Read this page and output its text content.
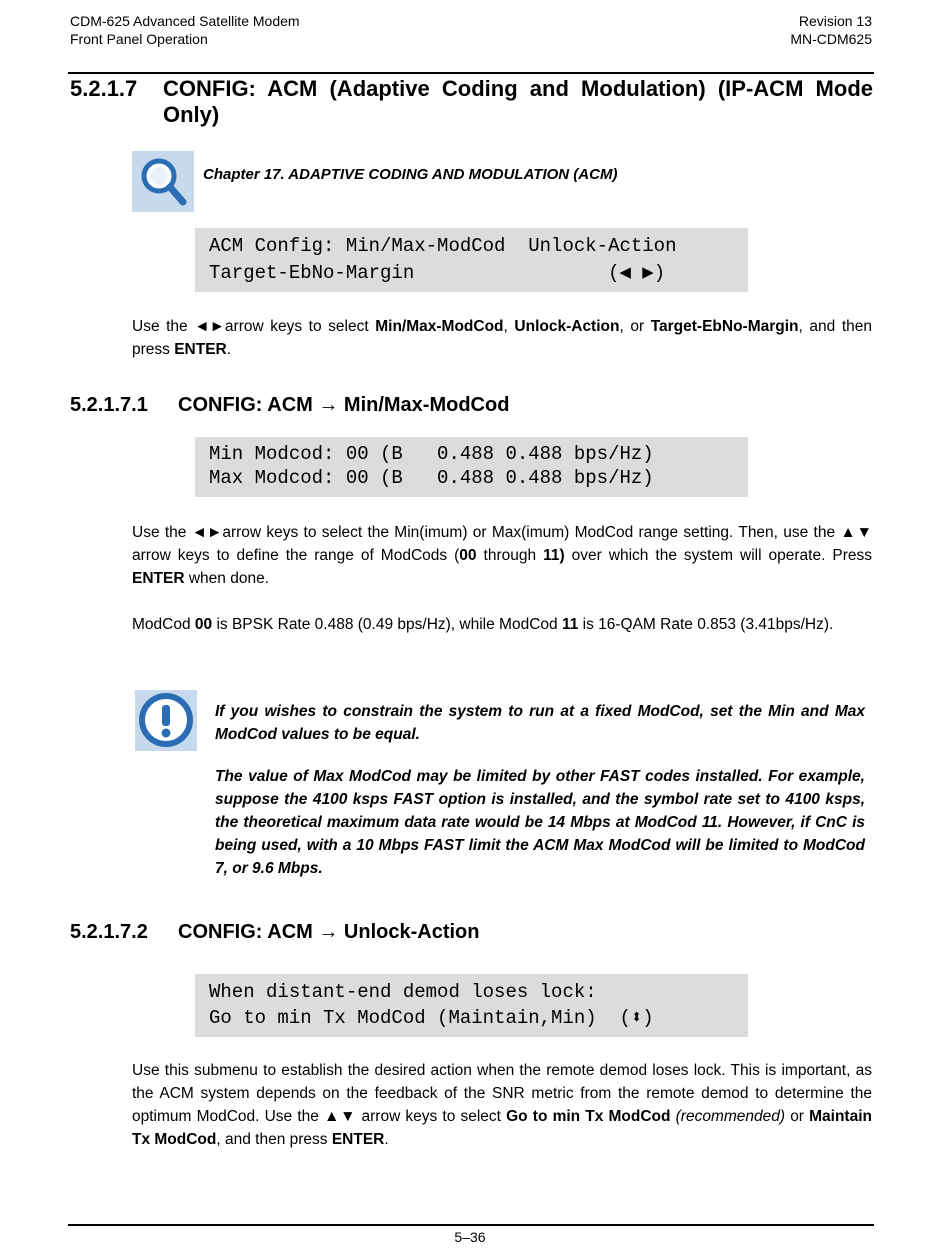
CDM-625 Advanced Satellite Modem
Front Panel Operation
Revision 13
MN-CDM625
5.2.1.7 CONFIG: ACM (Adaptive Coding and Modulation) (IP-ACM Mode
Only)
Chapter 17. ADAPTIVE CODING AND MODULATION (ACM)
ACM Config: Min/Max-ModCod  Unlock-Action
Target-EbNo-Margin                 (◀ ▶)
Use the ◄►arrow keys to select Min/Max-ModCod, Unlock-Action, or Target-EbNo-Margin, and then press ENTER.

5.2.1.7.1

CONFIG: ACM → Min/Max-ModCod

Min Modcod: 00 (B   0.488 0.488 bps/Hz)
Max Modcod: 00 (B   0.488 0.488 bps/Hz)
Use the ◄►arrow keys to select the Min(imum) or Max(imum) ModCod range setting. Then, use the ▲▼ arrow keys to define the range of ModCods (00 through 11) over which the system will operate. Press ENTER when done.
ModCod 00 is BPSK Rate 0.488 (0.49 bps/Hz), while ModCod 11 is 16-QAM Rate 0.853 (3.41bps/Hz).
If you wishes to constrain the system to run at a fixed ModCod, set the Min and Max ModCod values to be equal.
The value of Max ModCod may be limited by other FAST codes installed. For example, suppose the 4100 ksps FAST option is installed, and the symbol rate set to 4100 ksps, the theoretical maximum data rate would be 14 Mbps at ModCod 11. However, if CnC is being used, with a 10 Mbps FAST limit the ACM Max ModCod will be limited to ModCod 7, or 9.6 Mbps.

5.2.1.7.2

CONFIG: ACM → Unlock-Action

When distant-end demod loses lock:
Go to min Tx ModCod (Maintain,Min)  (⬍)
Use this submenu to establish the desired action when the remote demod loses lock. This is important, as the ACM system depends on the feedback of the SNR metric from the remote demod to determine the optimum ModCod. Use the ▲▼ arrow keys to select Go to min Tx ModCod (recommended) or Maintain Tx ModCod, and then press ENTER.
5–36
